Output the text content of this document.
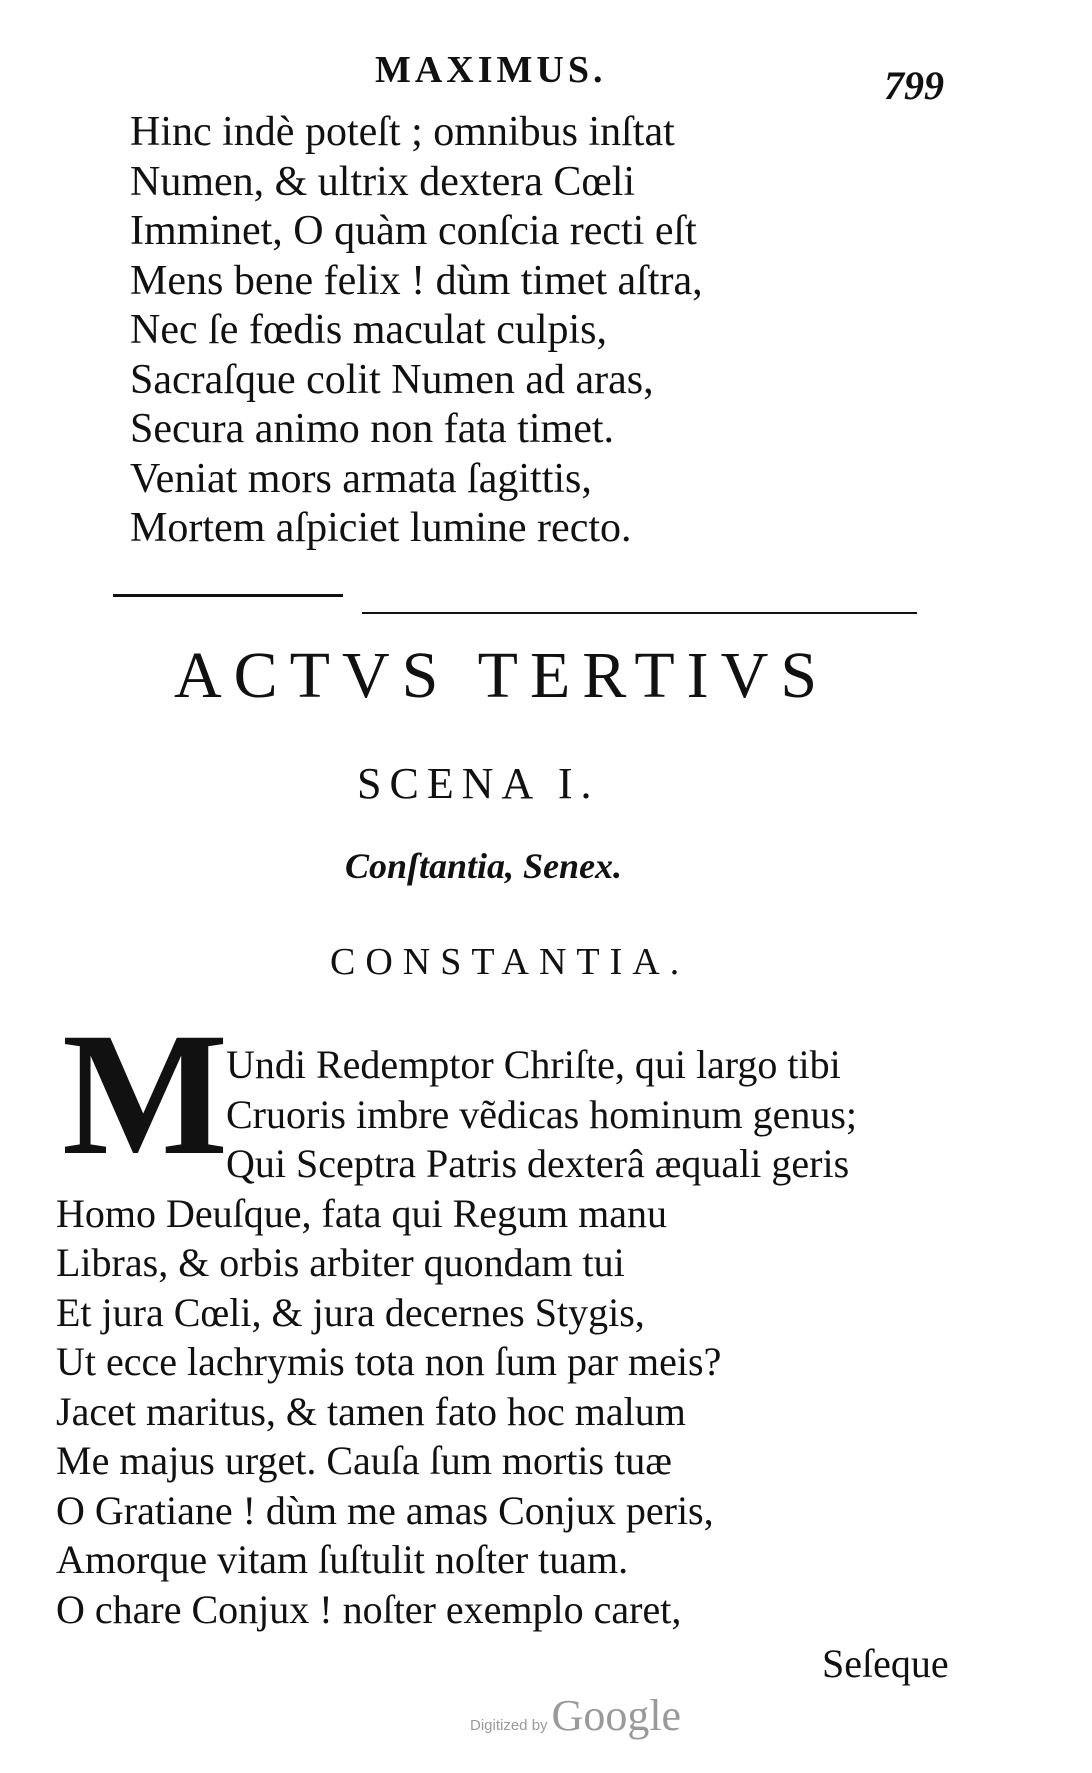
MAXIMUS.	799
Hinc indè poteſt ; omnibus inſtat
Numen, & ultrix dextera Cœli
Imminet, O quàm conſcia recti eſt
Mens bene felix ! dùm timet aſtra,
Nec ſe fœdis maculat culpis,
Sacraſque colit Numen ad aras,
Secura animo non fata timet.
Veniat mors armata ſagittis,
Mortem aſpiciet lumine recto.
ACTVS TERTIVS
SCENA I.
Conſtantia, Senex.
CONSTANTIA.
M
Undi Redemptor Chriſte, qui largo tibi
Cruoris imbre vẽdicas hominum genus;
Qui Sceptra Patris dexterâ æquali geris
Homo Deuſque, fata qui Regum manu
Libras, & orbis arbiter quondam tui
Et jura Cœli, & jura decernes Stygis,
Ut ecce lachrymis tota non ſum par meis?
Jacet maritus, & tamen fato hoc malum
Me majus urget. Cauſa ſum mortis tuæ
O Gratiane ! dùm me amas Conjux peris,
Amorque vitam ſuſtulit noſter tuam.
O chare Conjux ! noſter exemplo caret,
Seſeque
Digitized by Google
